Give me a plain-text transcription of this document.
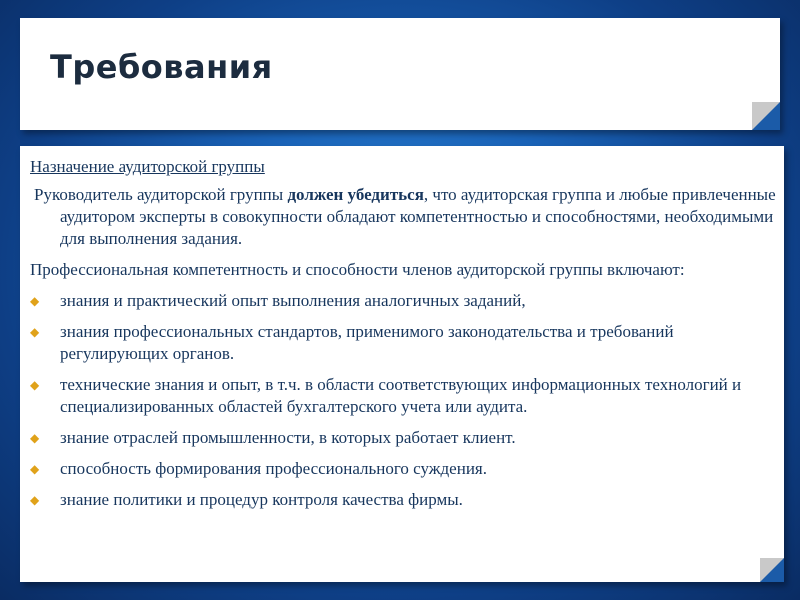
Требования

Назначение аудиторской группы

Руководитель аудиторской группы должен убедиться, что аудиторская группа и любые привлеченные аудитором эксперты в совокупности обладают компетентностью и способностями, необходимыми для выполнения задания.

Профессиональная компетентность и способности членов аудиторской группы включают:

◆ знания и практический опыт выполнения аналогичных заданий,
◆ знания профессиональных стандартов, применимого законодательства и требований регулирующих органов.
◆ технические знания и опыт, в т.ч. в области соответствующих информационных технологий и специализированных областей бухгалтерского учета или аудита.
◆ знание отраслей промышленности, в которых работает клиент.
◆ способность формирования профессионального суждения.
◆ знание политики и процедур контроля качества фирмы.
